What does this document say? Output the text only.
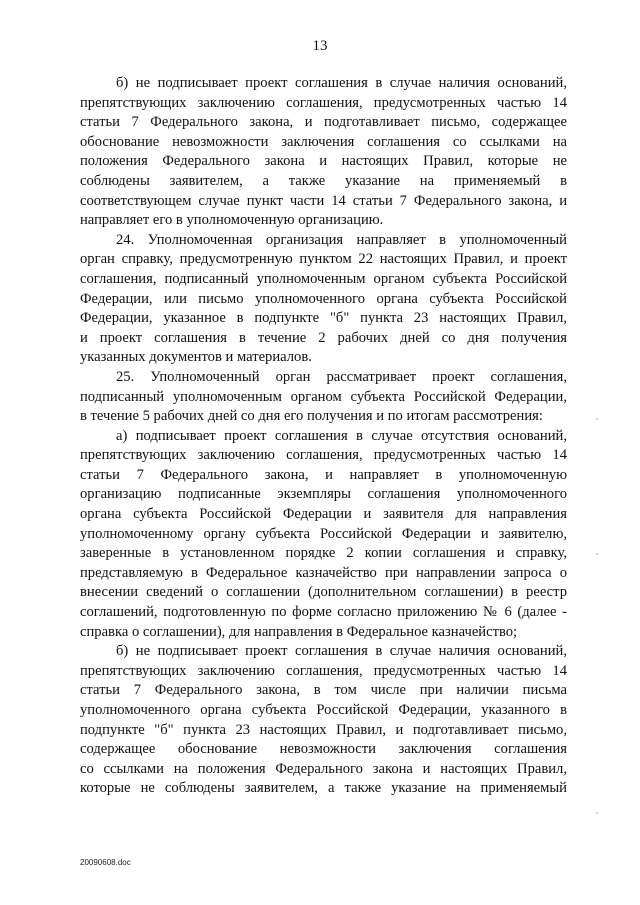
13
б) не подписывает проект соглашения в случае наличия оснований,
препятствующих заключению соглашения, предусмотренных частью 14
статьи 7 Федерального закона, и подготавливает письмо, содержащее
обоснование невозможности заключения соглашения со ссылками на
положения Федерального закона и настоящих Правил, которые не
соблюдены заявителем, а также указание на применяемый в
соответствующем случае пункт части 14 статьи 7 Федерального закона, и
направляет его в уполномоченную организацию.
24. Уполномоченная организация направляет в уполномоченный
орган справку, предусмотренную пунктом 22 настоящих Правил, и проект
соглашения, подписанный уполномоченным органом субъекта Российской
Федерации, или письмо уполномоченного органа субъекта Российской
Федерации, указанное в подпункте "б" пункта 23 настоящих Правил,
и проект соглашения в течение 2 рабочих дней со дня получения
указанных документов и материалов.
25. Уполномоченный орган рассматривает проект соглашения,
подписанный уполномоченным органом субъекта Российской Федерации,
в течение 5 рабочих дней со дня его получения и по итогам рассмотрения:
а) подписывает проект соглашения в случае отсутствия оснований,
препятствующих заключению соглашения, предусмотренных частью 14
статьи 7 Федерального закона, и направляет в уполномоченную
организацию подписанные экземпляры соглашения уполномоченного
органа субъекта Российской Федерации и заявителя для направления
уполномоченному органу субъекта Российской Федерации и заявителю,
заверенные в установленном порядке 2 копии соглашения и справку,
представляемую в Федеральное казначейство при направлении запроса о
внесении сведений о соглашении (дополнительном соглашении) в реестр
соглашений, подготовленную по форме согласно приложению № 6 (далее -
справка о соглашении), для направления в Федеральное казначейство;
б) не подписывает проект соглашения в случае наличия оснований,
препятствующих заключению соглашения, предусмотренных частью 14
статьи 7 Федерального закона, в том числе при наличии письма
уполномоченного органа субъекта Российской Федерации, указанного в
подпункте "б" пункта 23 настоящих Правил, и подготавливает письмо,
содержащее обоснование невозможности заключения соглашения
со ссылками на положения Федерального закона и настоящих Правил,
которые не соблюдены заявителем, а также указание на применяемый
20090608.doc
